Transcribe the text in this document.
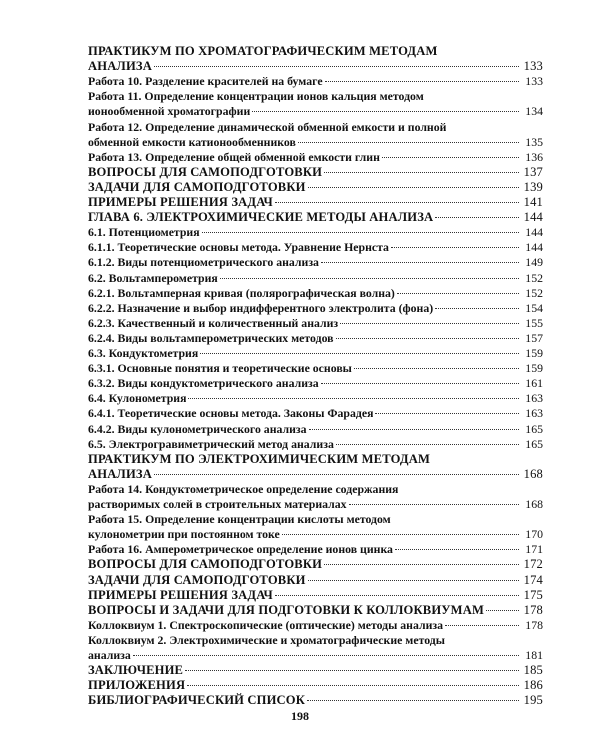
ПРАКТИКУМ ПО ХРОМАТОГРАФИЧЕСКИМ МЕТОДАМ
АНАЛИЗА	133
Работа 10. Разделение красителей на бумаге	133
Работа 11. Определение концентрации ионов кальция методом
ионообменной хроматографии	134
Работа 12. Определение динамической обменной емкости и полной
обменной емкости катионообменников	135
Работа 13. Определение общей обменной емкости глин	136
ВОПРОСЫ ДЛЯ САМОПОДГОТОВКИ	137
ЗАДАЧИ ДЛЯ САМОПОДГОТОВКИ	139
ПРИМЕРЫ РЕШЕНИЯ ЗАДАЧ	141
ГЛАВА 6. ЭЛЕКТРОХИМИЧЕСКИЕ МЕТОДЫ АНАЛИЗА	144
6.1. Потенциометрия	144
6.1.1. Теоретические основы метода. Уравнение Нернста	144
6.1.2. Виды потенциометрического анализа	149
6.2. Вольтамперометрия	152
6.2.1. Вольтамперная кривая (полярографическая волна)	152
6.2.2. Назначение и выбор индифферентного электролита (фона)	154
6.2.3. Качественный и количественный анализ	155
6.2.4. Виды вольтамперометрических методов	157
6.3. Кондуктометрия	159
6.3.1. Основные понятия и теоретические основы	159
6.3.2. Виды кондуктометрического анализа	161
6.4. Кулонометрия	163
6.4.1. Теоретические основы метода. Законы Фарадея	163
6.4.2. Виды кулонометрического анализа	165
6.5. Электрогравиметрический метод анализа	165
ПРАКТИКУМ ПО ЭЛЕКТРОХИМИЧЕСКИМ МЕТОДАМ
АНАЛИЗА	168
Работа 14. Кондуктометрическое определение содержания
растворимых солей в строительных материалах	168
Работа 15. Определение концентрации кислоты методом
кулонометрии при постоянном токе	170
Работа 16. Амперометрическое определение ионов цинка	171
ВОПРОСЫ ДЛЯ САМОПОДГОТОВКИ	172
ЗАДАЧИ ДЛЯ САМОПОДГОТОВКИ	174
ПРИМЕРЫ РЕШЕНИЯ ЗАДАЧ	175
ВОПРОСЫ И ЗАДАЧИ ДЛЯ ПОДГОТОВКИ К КОЛЛОКВИУМАМ	178
Коллоквиум 1. Спектроскопические (оптические) методы анализа	178
Коллоквиум 2. Электрохимические и хроматографические методы
анализа	181
ЗАКЛЮЧЕНИЕ	185
ПРИЛОЖЕНИЯ	186
БИБЛИОГРАФИЧЕСКИЙ СПИСОК	195
198
